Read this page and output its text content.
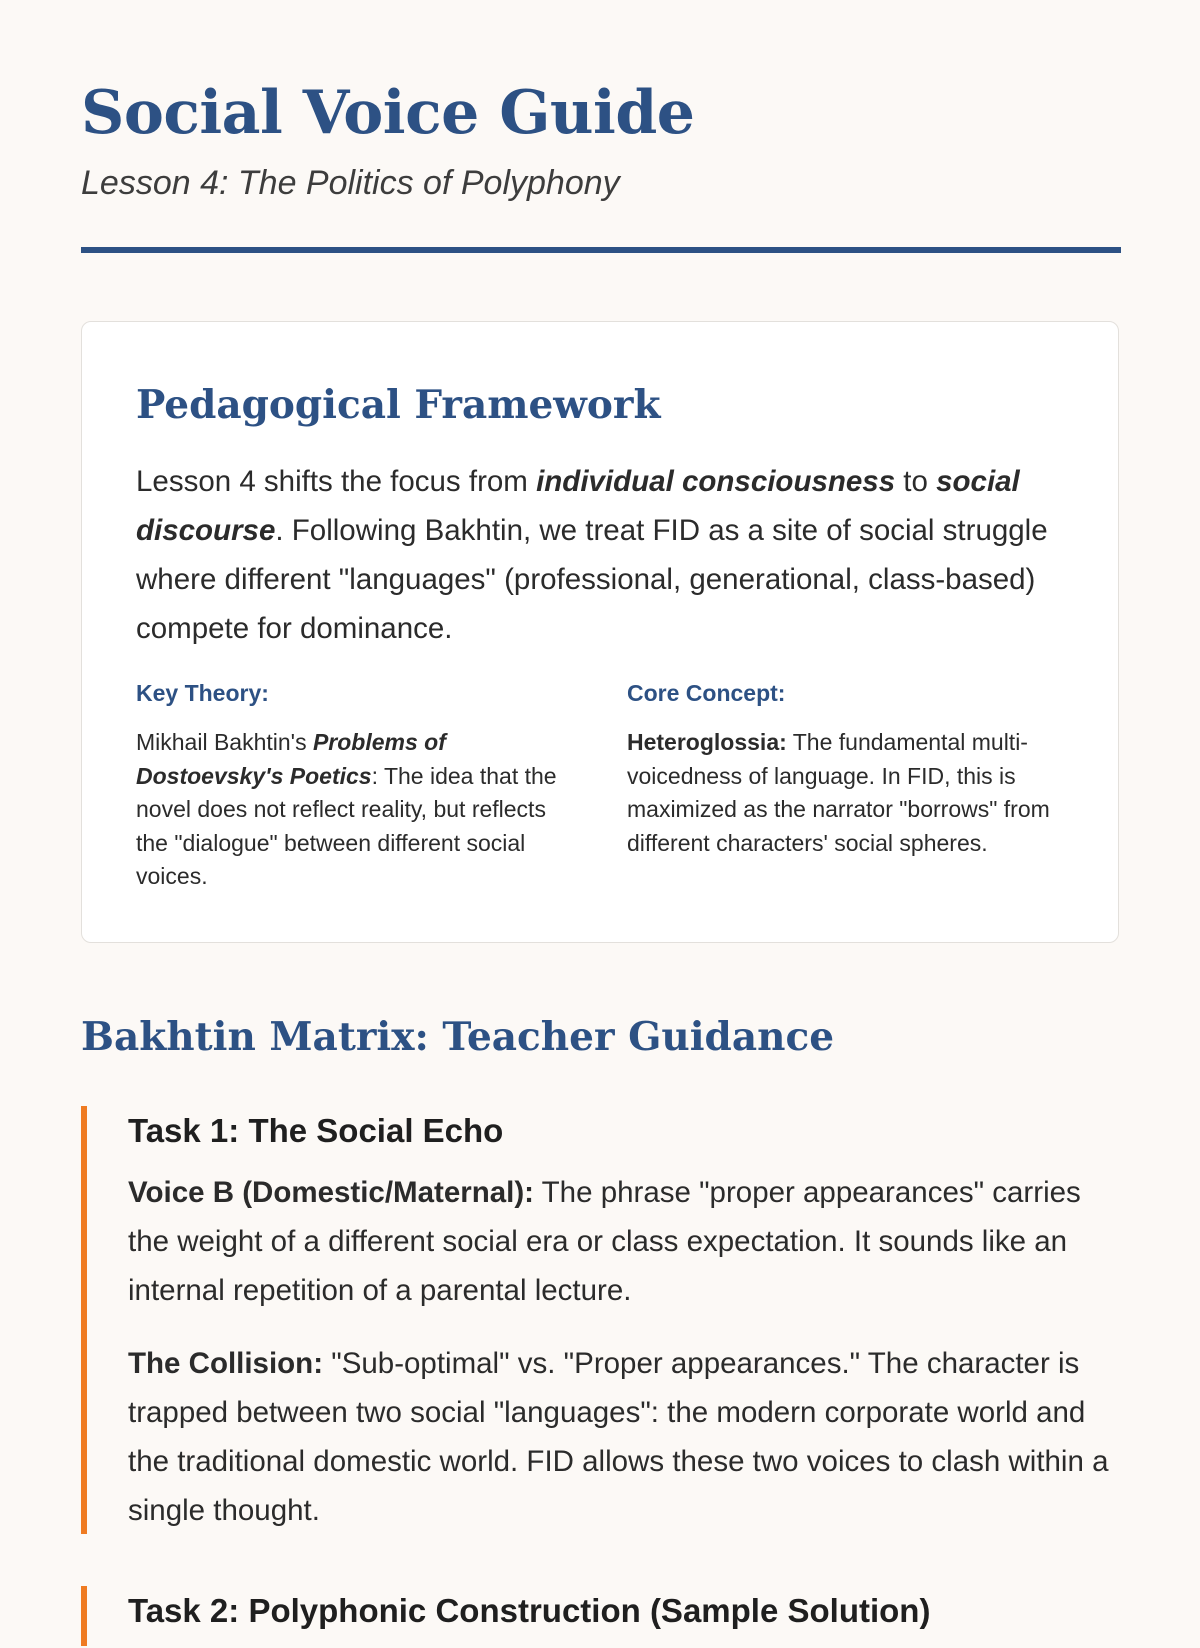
Social Voice Guide
Lesson 4: The Politics of Polyphony
Pedagogical Framework

Lesson 4 shifts the focus from individual consciousness to social discourse. Following Bakhtin, we treat FID as a site of social struggle where different "languages" (professional, generational, class-based) compete for dominance.

Key Theory:

Mikhail Bakhtin's Problems of Dostoevsky's Poetics: The idea that the novel does not reflect reality, but reflects the "dialogue" between different social voices.

Core Concept:

Heteroglossia: The fundamental multi-voicedness of language. In FID, this is maximized as the narrator "borrows" from different characters' social spheres.

Bakhtin Matrix: Teacher Guidance
Task 1: The Social Echo

Voice B (Domestic/Maternal): The phrase "proper appearances" carries the weight of a different social era or class expectation. It sounds like an internal repetition of a parental lecture.

The Collision: "Sub-optimal" vs. "Proper appearances." The character is trapped between two social "languages": the modern corporate world and the traditional domestic world. FID allows these two voices to clash within a single thought.

Task 2: Polyphonic Construction (Sample Solution)
